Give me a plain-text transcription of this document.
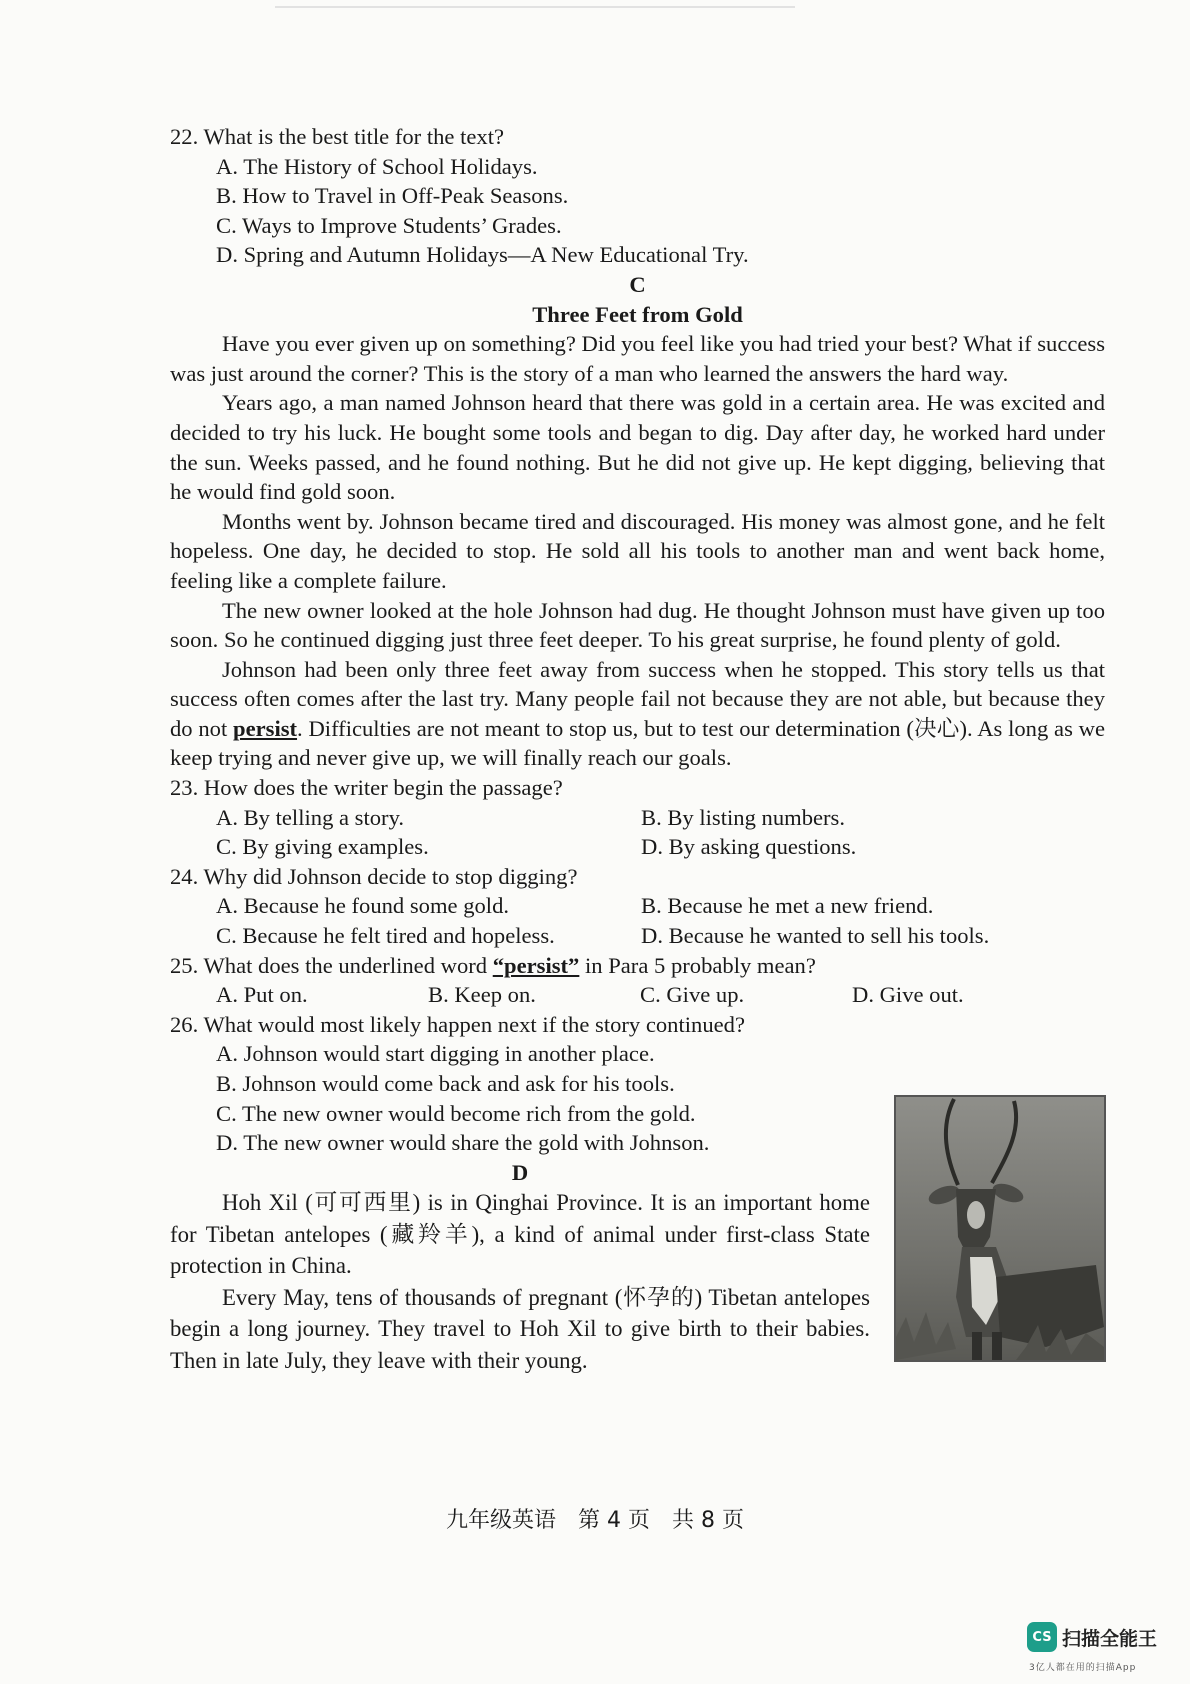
22. What is the best title for the text?

A. The History of School Holidays.

B. How to Travel in Off-Peak Seasons.

C. Ways to Improve Students’ Grades.

D. Spring and Autumn Holidays—A New Educational Try.

C

Three Feet from Gold

Have you ever given up on something? Did you feel like you had tried your best? What if success was just around the corner? This is the story of a man who learned the answers the hard way.

Years ago, a man named Johnson heard that there was gold in a certain area. He was excited and decided to try his luck. He bought some tools and began to dig. Day after day, he worked hard under the sun. Weeks passed, and he found nothing. But he did not give up. He kept digging, believing that he would find gold soon.

Months went by. Johnson became tired and discouraged. His money was almost gone, and he felt hopeless. One day, he decided to stop. He sold all his tools to another man and went back home, feeling like a complete failure.

The new owner looked at the hole Johnson had dug. He thought Johnson must have given up too soon. So he continued digging just three feet deeper. To his great surprise, he found plenty of gold.

Johnson had been only three feet away from success when he stopped. This story tells us that success often comes after the last try. Many people fail not because they are not able, but because they do not persist. Difficulties are not meant to stop us, but to test our determination (决心). As long as we keep trying and never give up, we will finally reach our goals.

23. How does the writer begin the passage?

A. By telling a story.	B. By listing numbers.
C. By giving examples.	D. By asking questions.

24. Why did Johnson decide to stop digging?

A. Because he found some gold.	B. Because he met a new friend.
C. Because he felt tired and hopeless.	D. Because he wanted to sell his tools.

25. What does the underlined word “persist” in Para 5 probably mean?

A. Put on.	B. Keep on.	C. Give up.	D. Give out.

26. What would most likely happen next if the story continued?

A. Johnson would start digging in another place.

B. Johnson would come back and ask for his tools.

C. The new owner would become rich from the gold.

D. The new owner would share the gold with Johnson.

D

Hoh Xil (可可西里) is in Qinghai Province. It is an important home for Tibetan antelopes (藏羚羊), a kind of animal under first-class State protection in China.

Every May, tens of thousands of pregnant (怀孕的) Tibetan antelopes begin a long journey. They travel to Hoh Xil to give birth to their babies. Then in late July, they leave with their young.

九年级英语　第 4 页　共 8 页
CS 扫描全能王
3亿人都在用的扫描App
